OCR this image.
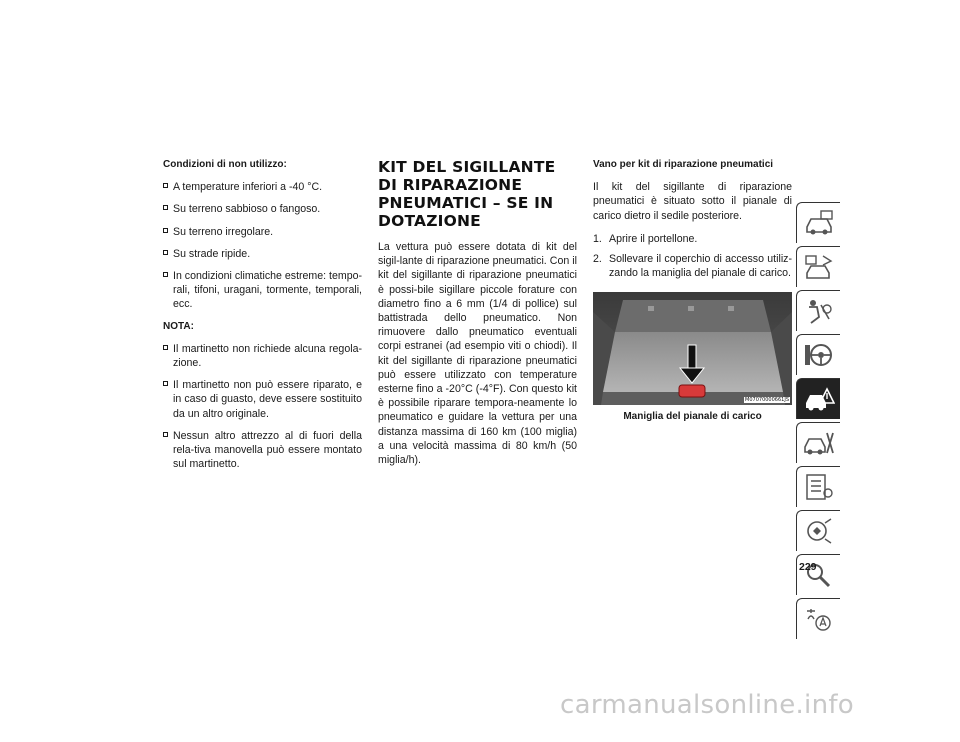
Condizioni di non utilizzo:
A temperature inferiori a -40 °C.
Su terreno sabbioso o fangoso.
Su terreno irregolare.
Su strade ripide.
In condizioni climatiche estreme: tempo-rali, tifoni, uragani, tormente, temporali, ecc.
NOTA:
Il martinetto non richiede alcuna regola-zione.
Il martinetto non può essere riparato, e in caso di guasto, deve essere sostituito da un altro originale.
Nessun altro attrezzo al di fuori della rela-tiva manovella può essere montato sul martinetto.
KIT DEL SIGILLANTE DI RIPARAZIONE PNEUMATICI – SE IN DOTAZIONE

La vettura può essere dotata di kit del sigil-lante di riparazione pneumatici. Con il kit del sigillante di riparazione pneumatici è possi-bile sigillare piccole forature con diametro fino a 6 mm (1/4 di pollice) sul battistrada dello pneumatico. Non rimuovere dallo pneumatico eventuali corpi estranei (ad esempio viti o chiodi). Il kit del sigillante di riparazione pneumatici può essere utilizzato con temperature esterne fino a -20°C (-4°F). Con questo kit è possibile riparare tempora-neamente lo pneumatico e guidare la vettura per una distanza massima di 160 km (100 miglia) a una velocità massima di 80 km/h (50 miglia/h).

Vano per kit di riparazione pneumatici

Il kit del sigillante di riparazione pneumatici è situato sotto il pianale di carico dietro il sedile posteriore.

1. Aprire il portellone.
2. Sollevare il coperchio di accesso utiliz-zando la maniglia del pianale di carico.
M07070000661JS
Maniglia del pianale di carico
229
carmanualsonline.info
